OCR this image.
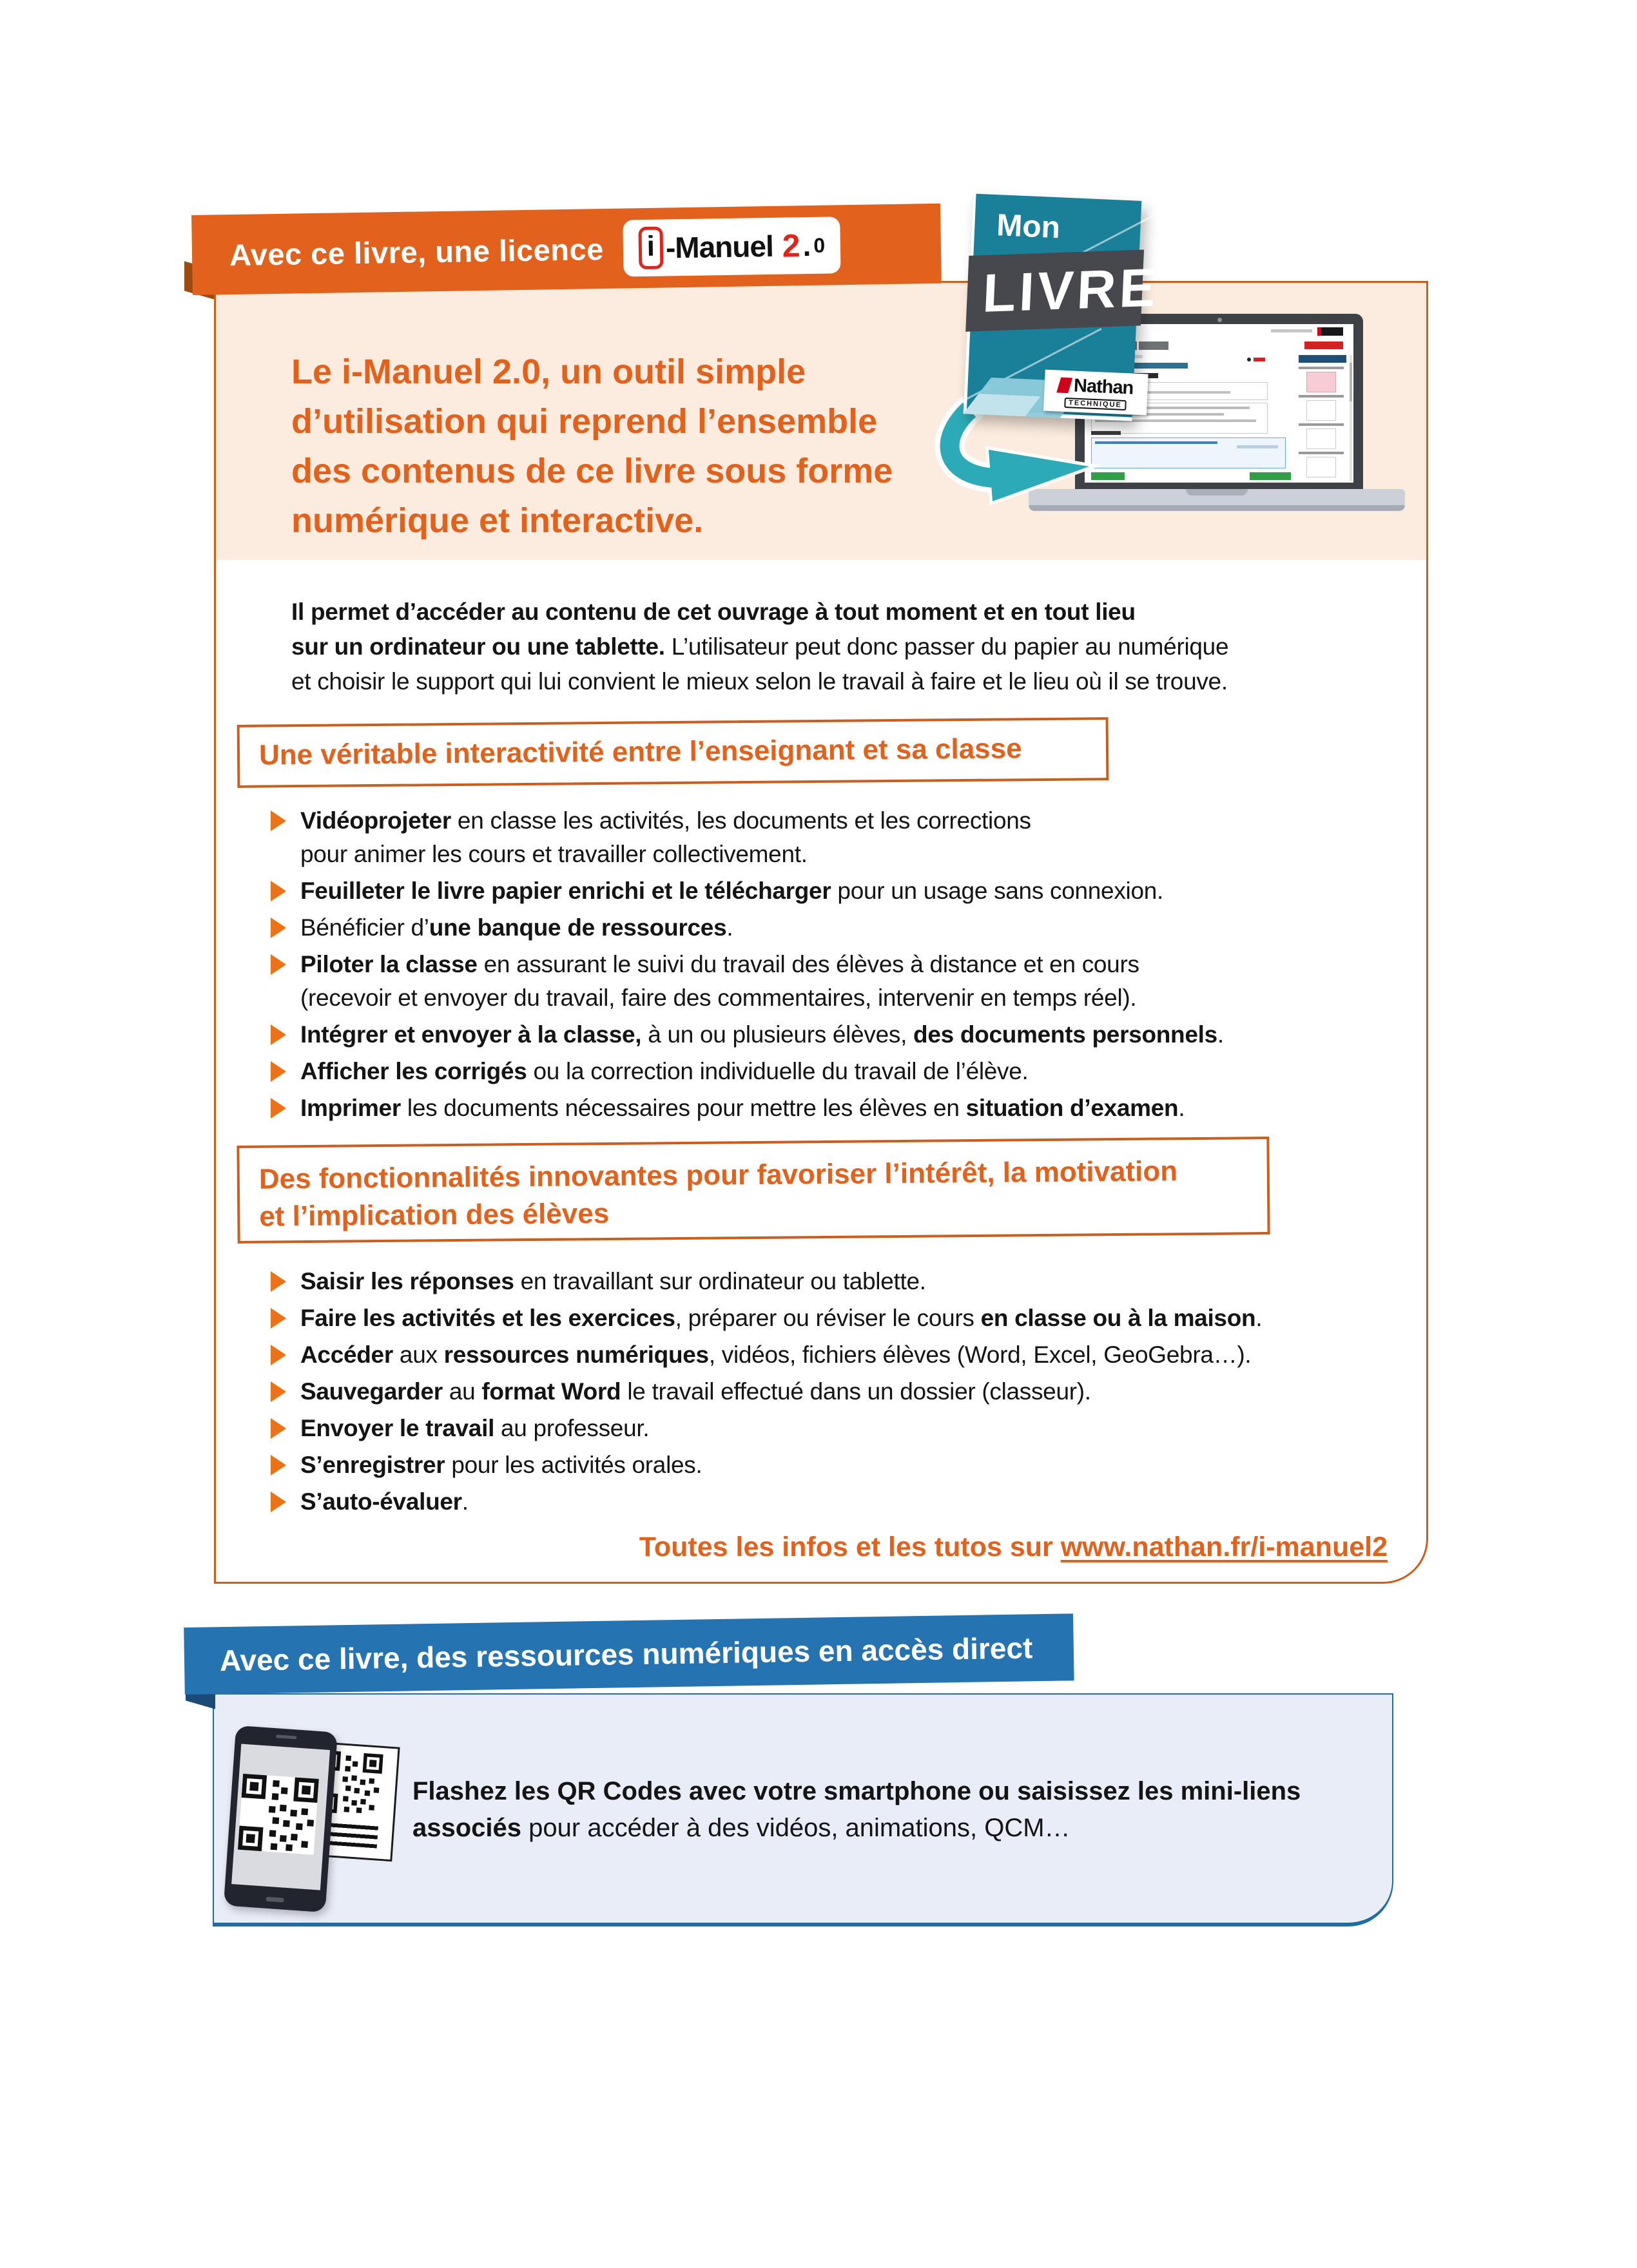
Avec ce livre, une licence i -Manuel 2 . 0
Le i-Manuel 2.0, un outil simple
d’utilisation qui reprend l’ensemble
des contenus de ce livre sous forme
numérique et interactive.
Il permet d’accéder au contenu de cet ouvrage à tout moment et en tout lieu
sur un ordinateur ou une tablette. L’utilisateur peut donc passer du papier au numérique
et choisir le support qui lui convient le mieux selon le travail à faire et le lieu où il se trouve.
Une véritable interactivité entre l’enseignant et sa classe
Vidéoprojeter en classe les activités, les documents et les corrections
pour animer les cours et travailler collectivement.
Feuilleter le livre papier enrichi et le télécharger pour un usage sans connexion.
Bénéficier d’une banque de ressources.
Piloter la classe en assurant le suivi du travail des élèves à distance et en cours
(recevoir et envoyer du travail, faire des commentaires, intervenir en temps réel).
Intégrer et envoyer à la classe, à un ou plusieurs élèves, des documents personnels.
Afficher les corrigés ou la correction individuelle du travail de l’élève.
Imprimer les documents nécessaires pour mettre les élèves en situation d’examen.
Des fonctionnalités innovantes pour favoriser l’intérêt, la motivation
et l’implication des élèves
Saisir les réponses en travaillant sur ordinateur ou tablette.
Faire les activités et les exercices, préparer ou réviser le cours en classe ou à la maison.
Accéder aux ressources numériques, vidéos, fichiers élèves (Word, Excel, GeoGebra…).
Sauvegarder au format Word le travail effectué dans un dossier (classeur).
Envoyer le travail au professeur.
S’enregistrer pour les activités orales.
S’auto-évaluer.
Toutes les infos et les tutos sur www.nathan.fr/i-manuel2
Mon
LIVRE
Nathan
TECHNIQUE
Avec ce livre, des ressources numériques en accès direct
Flashez les QR Codes avec votre smartphone ou saisissez les mini-liens
associés pour accéder à des vidéos, animations, QCM…
